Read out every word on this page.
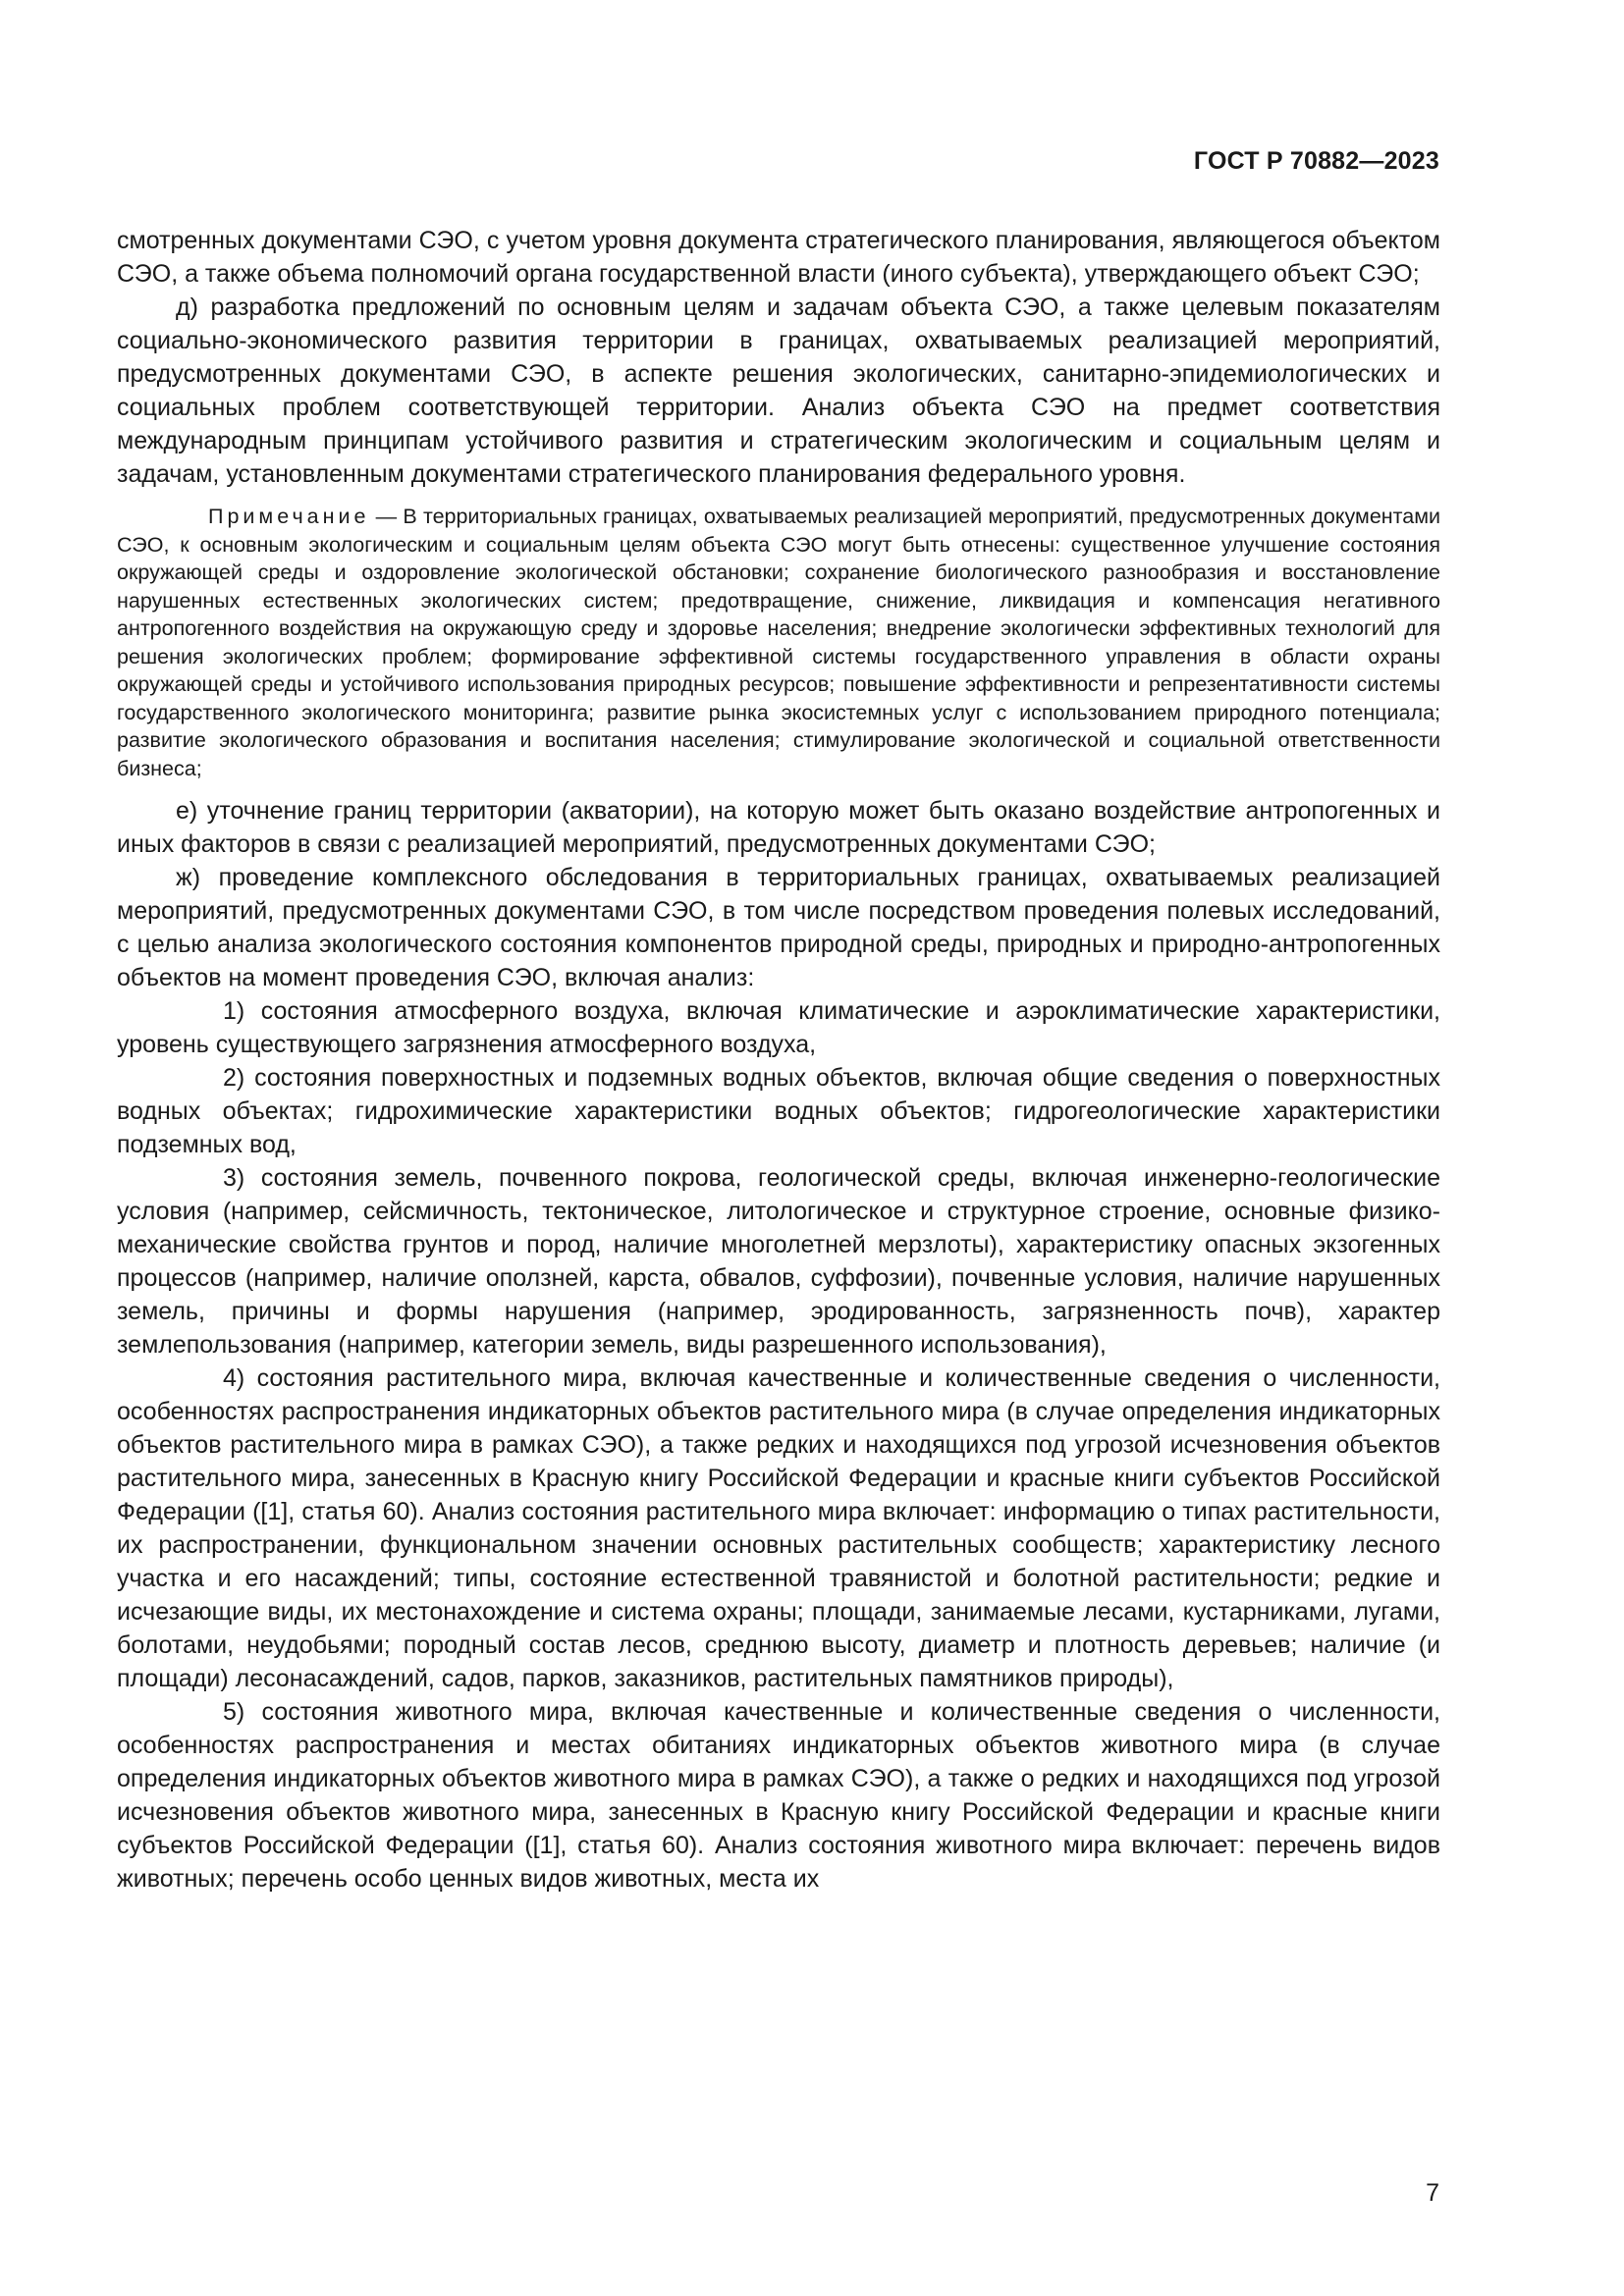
ГОСТ Р 70882—2023

смотренных документами СЭО, с учетом уровня документа стратегического планирования, являющегося объектом СЭО, а также объема полномочий органа государственной власти (иного субъекта), утверждающего объект СЭО;

д) разработка предложений по основным целям и задачам объекта СЭО, а также целевым показателям социально-экономического развития территории в границах, охватываемых реализацией мероприятий, предусмотренных документами СЭО, в аспекте решения экологических, санитарно-эпидемиологических и социальных проблем соответствующей территории. Анализ объекта СЭО на предмет соответствия международным принципам устойчивого развития и стратегическим экологическим и социальным целям и задачам, установленным документами стратегического планирования федерального уровня.

Примечание — В территориальных границах, охватываемых реализацией мероприятий, предусмотренных документами СЭО, к основным экологическим и социальным целям объекта СЭО могут быть отнесены: существенное улучшение состояния окружающей среды и оздоровление экологической обстановки; сохранение биологического разнообразия и восстановление нарушенных естественных экологических систем; предотвращение, снижение, ликвидация и компенсация негативного антропогенного воздействия на окружающую среду и здоровье населения; внедрение экологически эффективных технологий для решения экологических проблем; формирование эффективной системы государственного управления в области охраны окружающей среды и устойчивого использования природных ресурсов; повышение эффективности и репрезентативности системы государственного экологического мониторинга; развитие рынка экосистемных услуг с использованием природного потенциала; развитие экологического образования и воспитания населения; стимулирование экологической и социальной ответственности бизнеса;

е) уточнение границ территории (акватории), на которую может быть оказано воздействие антропогенных и иных факторов в связи с реализацией мероприятий, предусмотренных документами СЭО;

ж) проведение комплексного обследования в территориальных границах, охватываемых реализацией мероприятий, предусмотренных документами СЭО, в том числе посредством проведения полевых исследований, с целью анализа экологического состояния компонентов природной среды, природных и природно-антропогенных объектов на момент проведения СЭО, включая анализ:

1) состояния атмосферного воздуха, включая климатические и аэроклиматические характеристики, уровень существующего загрязнения атмосферного воздуха,

2) состояния поверхностных и подземных водных объектов, включая общие сведения о поверхностных водных объектах; гидрохимические характеристики водных объектов; гидрогеологические характеристики подземных вод,

3) состояния земель, почвенного покрова, геологической среды, включая инженерно-геологические условия (например, сейсмичность, тектоническое, литологическое и структурное строение, основные физико-механические свойства грунтов и пород, наличие многолетней мерзлоты), характеристику опасных экзогенных процессов (например, наличие оползней, карста, обвалов, суффозии), почвенные условия, наличие нарушенных земель, причины и формы нарушения (например, эродированность, загрязненность почв), характер землепользования (например, категории земель, виды разрешенного использования),

4) состояния растительного мира, включая качественные и количественные сведения о численности, особенностях распространения индикаторных объектов растительного мира (в случае определения индикаторных объектов растительного мира в рамках СЭО), а также редких и находящихся под угрозой исчезновения объектов растительного мира, занесенных в Красную книгу Российской Федерации и красные книги субъектов Российской Федерации ([1], статья 60). Анализ состояния растительного мира включает: информацию о типах растительности, их распространении, функциональном значении основных растительных сообществ; характеристику лесного участка и его насаждений; типы, состояние естественной травянистой и болотной растительности; редкие и исчезающие виды, их местонахождение и система охраны; площади, занимаемые лесами, кустарниками, лугами, болотами, неудобьями; породный состав лесов, среднюю высоту, диаметр и плотность деревьев; наличие (и площади) лесонасаждений, садов, парков, заказников, растительных памятников природы),

5) состояния животного мира, включая качественные и количественные сведения о численности, особенностях распространения и местах обитаниях индикаторных объектов животного мира (в случае определения индикаторных объектов животного мира в рамках СЭО), а также о редких и находящихся под угрозой исчезновения объектов животного мира, занесенных в Красную книгу Российской Федерации и красные книги субъектов Российской Федерации ([1], статья 60). Анализ состояния животного мира включает: перечень видов животных; перечень особо ценных видов животных, места их

7
